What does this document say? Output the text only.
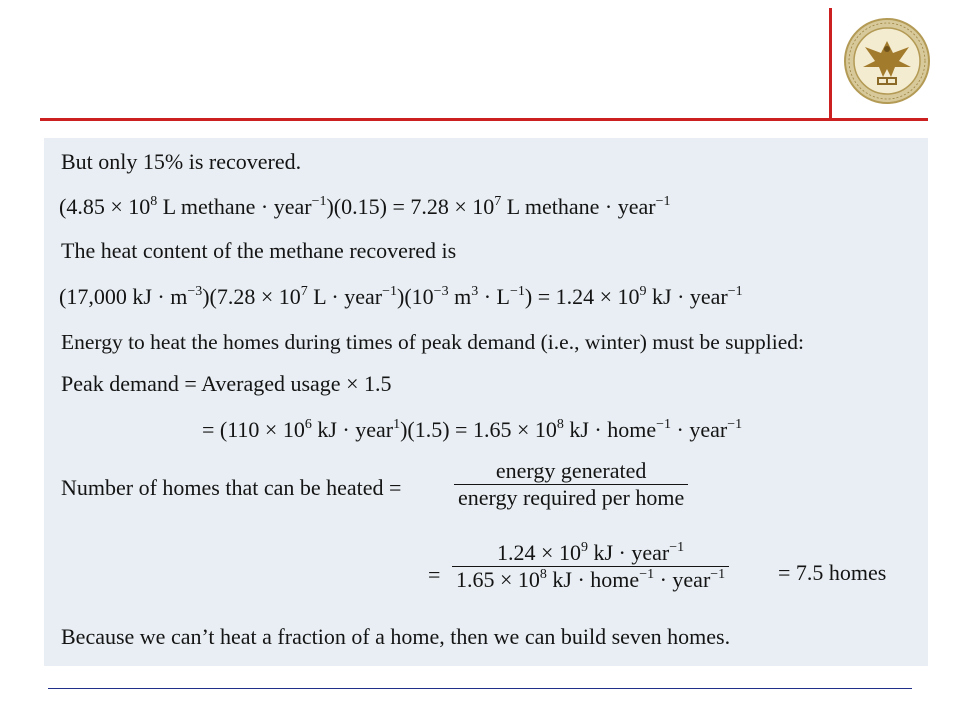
But only 15% is recovered.
($4.85 \times 10^8$ L methane · year$^{-1}$)(0.15) = $7.28 \times 10^7$ L methane · year$^{-1}$
The heat content of the methane recovered is
(17,000 kJ · $m^{-3})(7.28 \times 10^7$ $L \cdot year^{-1})(10^{-3}$ $m^3 \cdot L^{-1}) = 1.24 \times 10^9$ kJ · year$^{-1}$
Energy to heat the homes during times of peak demand (i.e., winter) must be supplied:
Peak demand = Averaged usage × 1.5
= ($110 \times 10^6$ kJ · year$^1$)(1.5) = $1.65 \times 10^8$ kJ · home$^{-1}$ · year$^{-1}$
Number of homes that can be heated =
energy generated
energy required per home
=
$1.24 \times 10^9$ kJ · year$^{-1}$
$1.65 \times 10^8$ kJ · home$^{-1}$ · year$^{-1}$ = 7.5 homes
Because we can’t heat a fraction of a home, then we can build seven homes.
